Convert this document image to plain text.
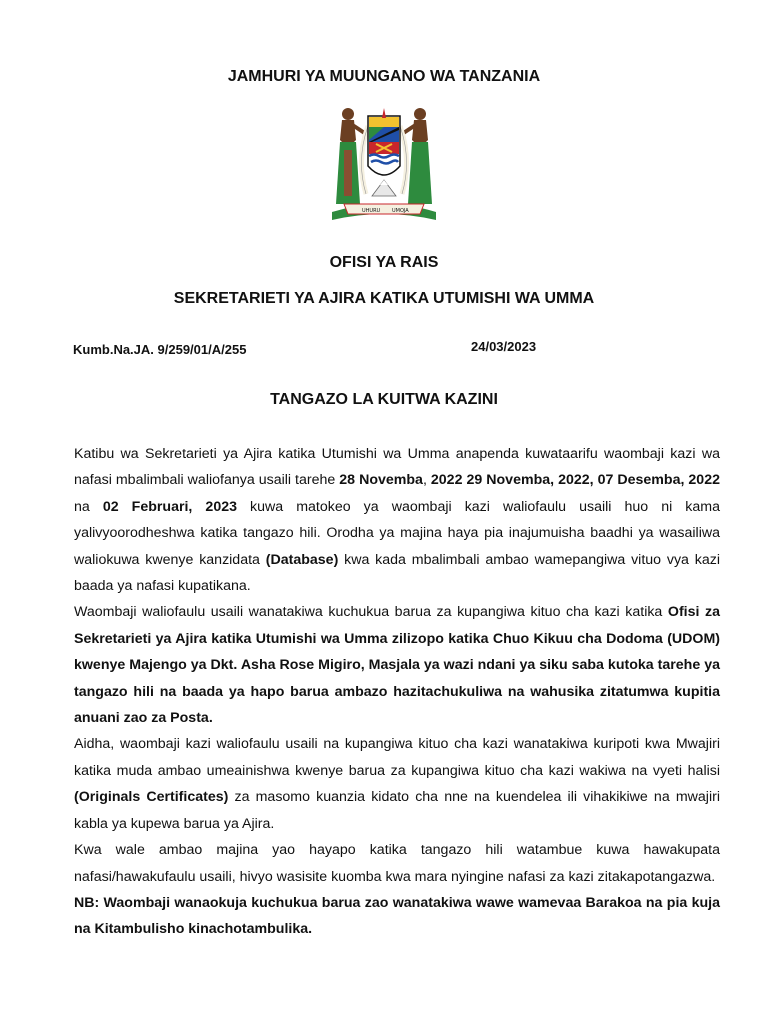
JAMHURI YA MUUNGANO WA TANZANIA
UHURU UMOJA
OFISI YA RAIS
SEKRETARIETI YA AJIRA KATIKA UTUMISHI WA UMMA
Kumb.Na.JA. 9/259/01/A/255	24/03/2023
TANGAZO LA KUITWA KAZINI

Katibu wa Sekretarieti ya Ajira katika Utumishi wa Umma anapenda kuwataarifu waombaji kazi wa nafasi mbalimbali waliofanya usaili tarehe 28 Novemba, 2022 29 Novemba, 2022, 07 Desemba, 2022 na 02 Februari, 2023 kuwa matokeo ya waombaji kazi waliofaulu usaili huo ni kama yalivyoorodheshwa katika tangazo hili. Orodha ya majina haya pia inajumuisha baadhi ya wasailiwa waliokuwa kwenye kanzidata (Database) kwa kada mbalimbali ambao wamepangiwa vituo vya kazi baada ya nafasi kupatikana.

Waombaji waliofaulu usaili wanatakiwa kuchukua barua za kupangiwa kituo cha kazi katika Ofisi za Sekretarieti ya Ajira katika Utumishi wa Umma zilizopo katika Chuo Kikuu cha Dodoma (UDOM) kwenye Majengo ya Dkt. Asha Rose Migiro, Masjala ya wazi ndani ya siku saba kutoka tarehe ya tangazo hili na baada ya hapo barua ambazo hazitachukuliwa na wahusika zitatumwa kupitia anuani zao za Posta.

Aidha, waombaji kazi waliofaulu usaili na kupangiwa kituo cha kazi wanatakiwa kuripoti kwa Mwajiri katika muda ambao umeainishwa kwenye barua za kupangiwa kituo cha kazi wakiwa na vyeti halisi (Originals Certificates) za masomo kuanzia kidato cha nne na kuendelea ili vihakikiwe na mwajiri kabla ya kupewa barua ya Ajira.

Kwa wale ambao majina yao hayapo katika tangazo hili watambue kuwa hawakupata nafasi/hawakufaulu usaili, hivyo wasisite kuomba kwa mara nyingine nafasi za kazi zitakapotangazwa.

NB: Waombaji wanaokuja kuchukua barua zao wanatakiwa wawe wamevaa Barakoa na pia kuja na Kitambulisho kinachotambulika.
